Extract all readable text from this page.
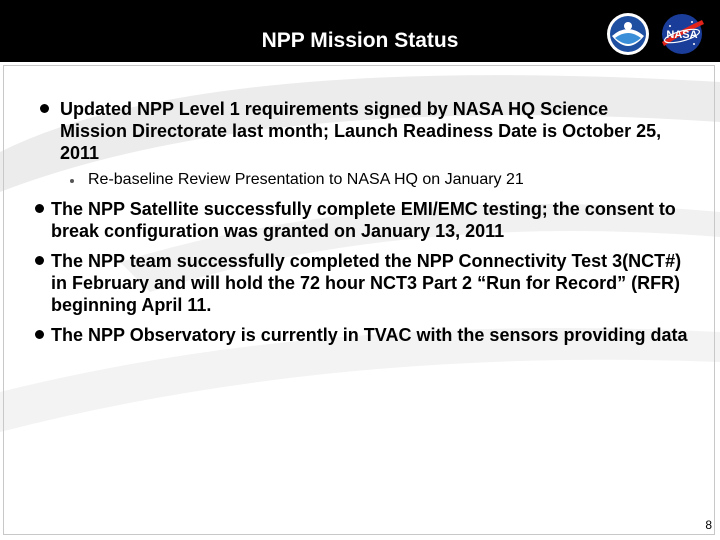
NPP Mission Status	NASA

Updated NPP Level 1 requirements signed by NASA HQ Science Mission Directorate last month; Launch Readiness Date is October 25, 2011

Re-baseline Review Presentation to NASA HQ on January 21

The NPP Satellite successfully complete EMI/EMC testing; the consent to break configuration was granted on January 13, 2011

The NPP team successfully completed the NPP Connectivity Test 3(NCT#) in February and will hold the 72 hour NCT3 Part 2 “Run for Record” (RFR) beginning April 11.

The NPP Observatory is currently in TVAC with the sensors providing data

8
